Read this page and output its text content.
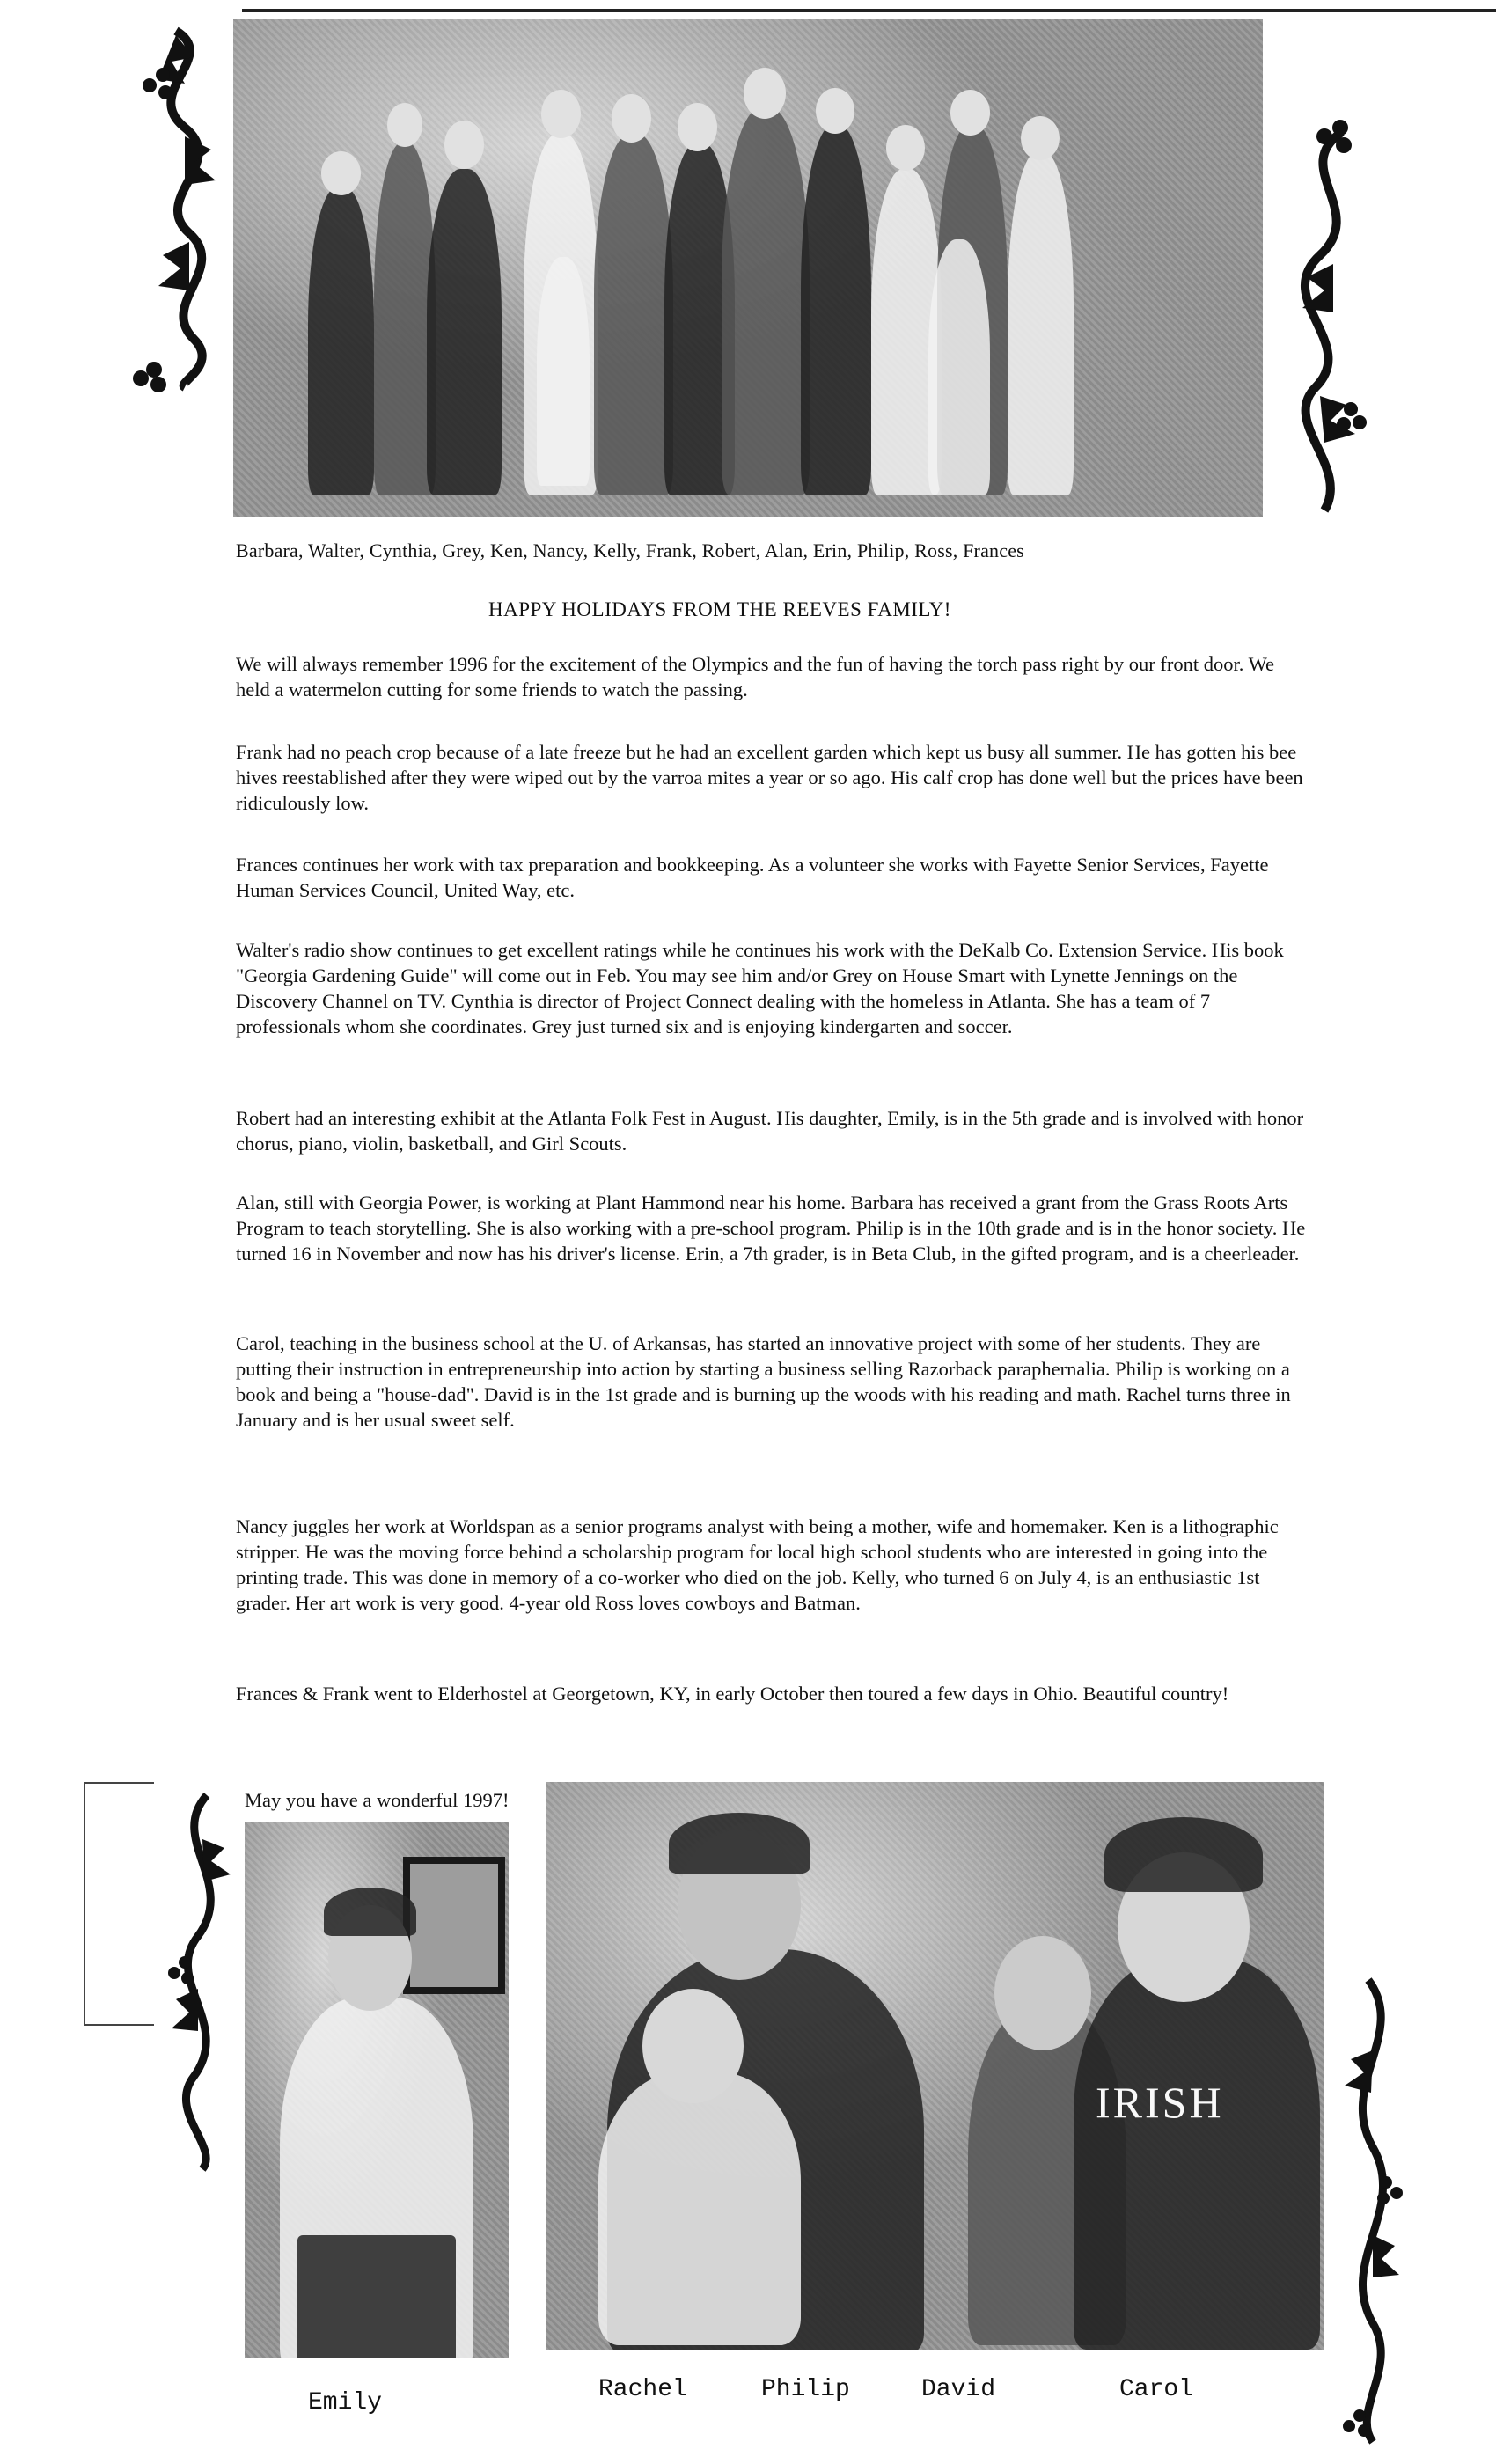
Barbara, Walter, Cynthia, Grey, Ken, Nancy, Kelly, Frank, Robert, Alan, Erin, Philip, Ross, Frances
HAPPY HOLIDAYS FROM THE REEVES FAMILY!

We will always remember 1996 for the excitement of the Olympics and the fun of having the torch pass right by our front door. We held a watermelon cutting for some friends to watch the passing.

Frank had no peach crop because of a late freeze but he had an excellent garden which kept us busy all summer. He has gotten his bee hives reestablished after they were wiped out by the varroa mites a year or so ago. His calf crop has done well but the prices have been ridiculously low.

Frances continues her work with tax preparation and bookkeeping. As a volunteer she works with Fayette Senior Services, Fayette Human Services Council, United Way, etc.

Walter's radio show continues to get excellent ratings while he continues his work with the DeKalb Co. Extension Service. His book "Georgia Gardening Guide" will come out in Feb. You may see him and/or Grey on House Smart with Lynette Jennings on the Discovery Channel on TV. Cynthia is director of Project Connect dealing with the homeless in Atlanta. She has a team of 7 professionals whom she coordinates. Grey just turned six and is enjoying kindergarten and soccer.

Robert had an interesting exhibit at the Atlanta Folk Fest in August. His daughter, Emily, is in the 5th grade and is involved with honor chorus, piano, violin, basketball, and Girl Scouts.

Alan, still with Georgia Power, is working at Plant Hammond near his home. Barbara has received a grant from the Grass Roots Arts Program to teach storytelling. She is also working with a pre-school program. Philip is in the 10th grade and is in the honor society. He turned 16 in November and now has his driver's license. Erin, a 7th grader, is in Beta Club, in the gifted program, and is a cheerleader.

Carol, teaching in the business school at the U. of Arkansas, has started an innovative project with some of her students. They are putting their instruction in entrepreneurship into action by starting a business selling Razorback paraphernalia. Philip is working on a book and being a "house-dad". David is in the 1st grade and is burning up the woods with his reading and math. Rachel turns three in January and is her usual sweet self.

Nancy juggles her work at Worldspan as a senior programs analyst with being a mother, wife and homemaker. Ken is a lithographic stripper. He was the moving force behind a scholarship program for local high school students who are interested in going into the printing trade. This was done in memory of a co-worker who died on the job. Kelly, who turned 6 on July 4, is an enthusiastic 1st grader. Her art work is very good. 4-year old Ross loves cowboys and Batman.

Frances & Frank went to Elderhostel at Georgetown, KY, in early October then toured a few days in Ohio. Beautiful country!

May you have a wonderful 1997!
IRISH
Emily	Rachel	Philip	David	Carol
